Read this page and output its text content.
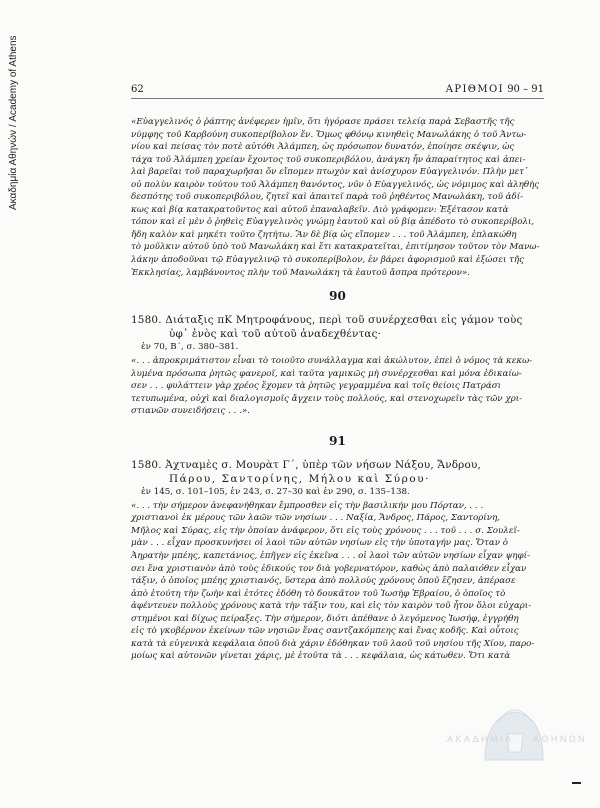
Ακαδημία Αθηνών / Academy of Athens	62	ΑΡΙΘΜΟΙ 90 – 91
«Εὐαγγελινός ὁ ῥάπτης ἀνέφερεν ἡμῖν, ὅτι ἠγόρασε πράσει τελείᾳ παρὰ Σεβαστῆς τῆς
νύμφης τοῦ Καρβούνη συκοπερίβολον ἕν. Ὅμως φθόνῳ κινηθεὶς Μανωλάκης ὁ τοῦ Ἀντω-
νίου καὶ πείσας τὸν ποτὲ αὐτόθι Ἀλάμπεη, ὡς πρόσωπον δυνατόν, ἐποίησε σκέψιν, ὡς
τάχα τοῦ Ἀλάμπεη χρείαν ἔχοντος τοῦ συκοπεριβόλου, ἀνάγκη ἦν ἀπαραίτητος καὶ ἀπει-
λαὶ βαρεῖαι τοῦ παραχωρῆσαι ὅν εἴπομεν πτωχὸν καὶ ἀνίσχυρον Εὐαγγελινόν. Πλὴν μετ᾽
οὐ πολὺν καιρὸν τούτου τοῦ Ἀλάμπεη θανόντος, νῦν ὁ Εὐαγγελινός, ὡς νόμιμος καὶ ἀληθὴς
δεσπότης τοῦ συκοπεριβόλου, ζητεῖ καὶ ἀπαιτεῖ παρὰ τοῦ ῥηθέντος Μανωλάκη, τοῦ ἀδί-
κως καὶ βίᾳ κατακρατοῦντος καὶ αὐτοῦ ἐπαναλαβεῖν. Διὸ γράφομεν: Ἐξέτασον κατὰ
τόπον καὶ εἰ μὲν ὁ ῥηθεὶς Εὐαγγελινὸς γνώμῃ ἑαυτοῦ καὶ οὐ βίᾳ ἀπέδοτο τὸ συκοπερίβολι,
ἤδη καλὸν καὶ μηκέτι τοῦτο ζητήτω. Ἂν δὲ βίᾳ ὡς εἴπομεν . . . τοῦ Ἀλάμπεη, ἐπλακώθη
τὸ μοῦλκιν αὐτοῦ ὑπὸ τοῦ Μανωλάκη καὶ ἔτι κατακρατεῖται, ἐπιτίμησον τοῦτον τὸν Μανω-
λάκην ἀποδοῦναι τῷ Εὐαγγελινῷ τὸ συκοπερίβολον, ἐν βάρει ἀφορισμοῦ καὶ ἐξώσει τῆς
Ἐκκλησίας, λαμβάνοντος πλὴν τοῦ Μανωλάκη τὰ ἑαυτοῦ ἄσπρα πρότερον».
90
1580. Διάταξις πΚ Μητροφάνους, περὶ τοῦ συνέρχεσθαι εἰς γάμον τοὺς
ὑφ᾽ ἑνὸς καὶ τοῦ αὐτοῦ ἀναδεχθέντας·
ἐν 70, Β´, σ. 380–381.
«. . . ἀπροκριμάτιστον εἶναι τὸ τοιοῦτο συνάλλαγμα καὶ ἀκώλυτον, ἐπεὶ ὁ νόμος τὰ κεκω-
λυμένα πρόσωπα ῥητῶς φανεροῖ, καὶ ταῦτα γαμικῶς μὴ συνέρχεσθαι καὶ μόνα ἐδικαίω-
σεν . . . φυλάττειν γὰρ χρέος ἔχομεν τὰ ῥητῶς γεγραμμένα καὶ τοῖς θείοις Πατράσι
τετυπωμένα, οὐχὶ καὶ διαλογισμοῖς ἄγχειν τοὺς πολλούς, καὶ στενοχωρεῖν τὰς τῶν χρι-
στιανῶν συνειδήσεις . . .».
91
1580. Ἀχτναμὲς σ. Μουρὰτ Γ´, ὑπὲρ τῶν νήσων Νάξου, Ἄνδρου,
Πάρου, Σαντορίνης, Μήλου καὶ Σύρου·
ἐν 145, σ. 101–105, ἐν 243, σ. 27–30 καὶ ἐν 290, σ. 135–138.
«. . . τὴν σήμερον ἀνεφανήθηκαν ἔμπροσθεν εἰς τὴν βασιλικήν μου Πόρταν, . . .
χριστιανοὶ ἐκ μέρους τῶν λαῶν τῶν νησίων . . . Ναξία, Ἄνδρος, Πάρος, Σαντορίνη,
Μῆλος καὶ Σύρας, εἰς τὴν ὁποίαν ἀνάφερον, ὅτι εἰς τοὺς χρόνους . . . τοῦ . . . σ. Σουλεϊ-
μὰν . . . εἶχαν προσκυνήσει οἱ λαοὶ τῶν αὐτῶν νησίων εἰς τὴν ὑποταγήν μας. Ὅταν ὁ
Ἀηρατὴν μπέης, καπετάνιος, ἐπῆγεν εἰς ἐκεῖνα . . . οἱ λαοὶ τῶν αὐτῶν νησίων εἶχαν ψηφί-
σει ἕνα χριστιανὸν ἀπὸ τοὺς ἐδικούς τον διὰ γοβερνατόρον, καθὼς ἀπὸ παλαιόθεν εἶχαν
τάξιν, ὁ ὁποῖος μπέης χριστιανός, ὕστερα ἀπὸ πολλοὺς χρόνους ὁποῦ ἔζησεν, ἀπέρασε
ἀπὸ ἐτούτη τὴν ζωὴν καὶ ἐτότες ἐδόθη τὸ δουκᾶτον τοῦ Ἰωσὴφ Ἑβραίου, ὁ ὁποῖος τὸ
ἀφέντευεν πολλοὺς χρόνους κατὰ τὴν τάξιν του, καὶ εἰς τὸν καιρὸν τοῦ ἦτον ὅλοι εὐχαρι-
στημένοι καὶ δίχως πείραξες. Τὴν σήμερον, διότι ἀπέθανε ὁ λεγόμενος Ἰωσήφ, ἐγγρήθη
εἰς τὸ γκοβέρνον ἐκείνων τῶν νησιῶν ἕνας σαντζακόμπεης καὶ ἕνας κοδῆς. Καὶ οὗτοις
κατὰ τὰ εὐγενικὰ κεφάλαια ὁποῦ διὰ χάριν ἐδόθηκαν τοῦ λαοῦ τοῦ νησίου τῆς Χίου, παρο-
μοίως καὶ αὐτονῶν γίνεται χάρις, μὲ ἐτοῦτα τὰ . . . κεφάλαια, ὡς κάτωθεν. Ὅτι κατὰ
ΑΚΑΔΗΜΙΑ ΑΘΗΝΩΝ
